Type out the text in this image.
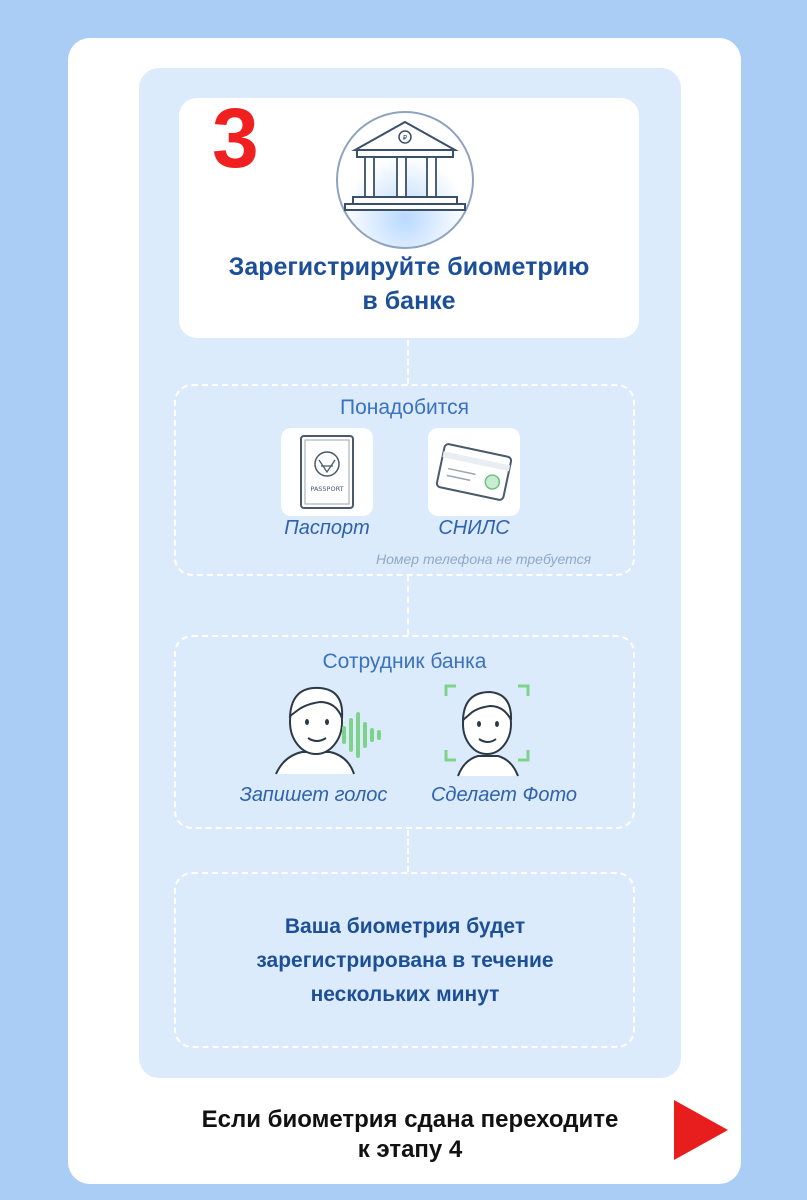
3	₽
Зарегистрируйте биометрию
в банке
Понадобится
PASSPORT
Паспорт	СНИЛС
Номер телефона не требуется
Сотрудник банка
Запишет голос	Сделает Фото
Ваша биометрия будет
зарегистрирована в течение
нескольких минут
Если биометрия сдана переходите
к этапу 4
